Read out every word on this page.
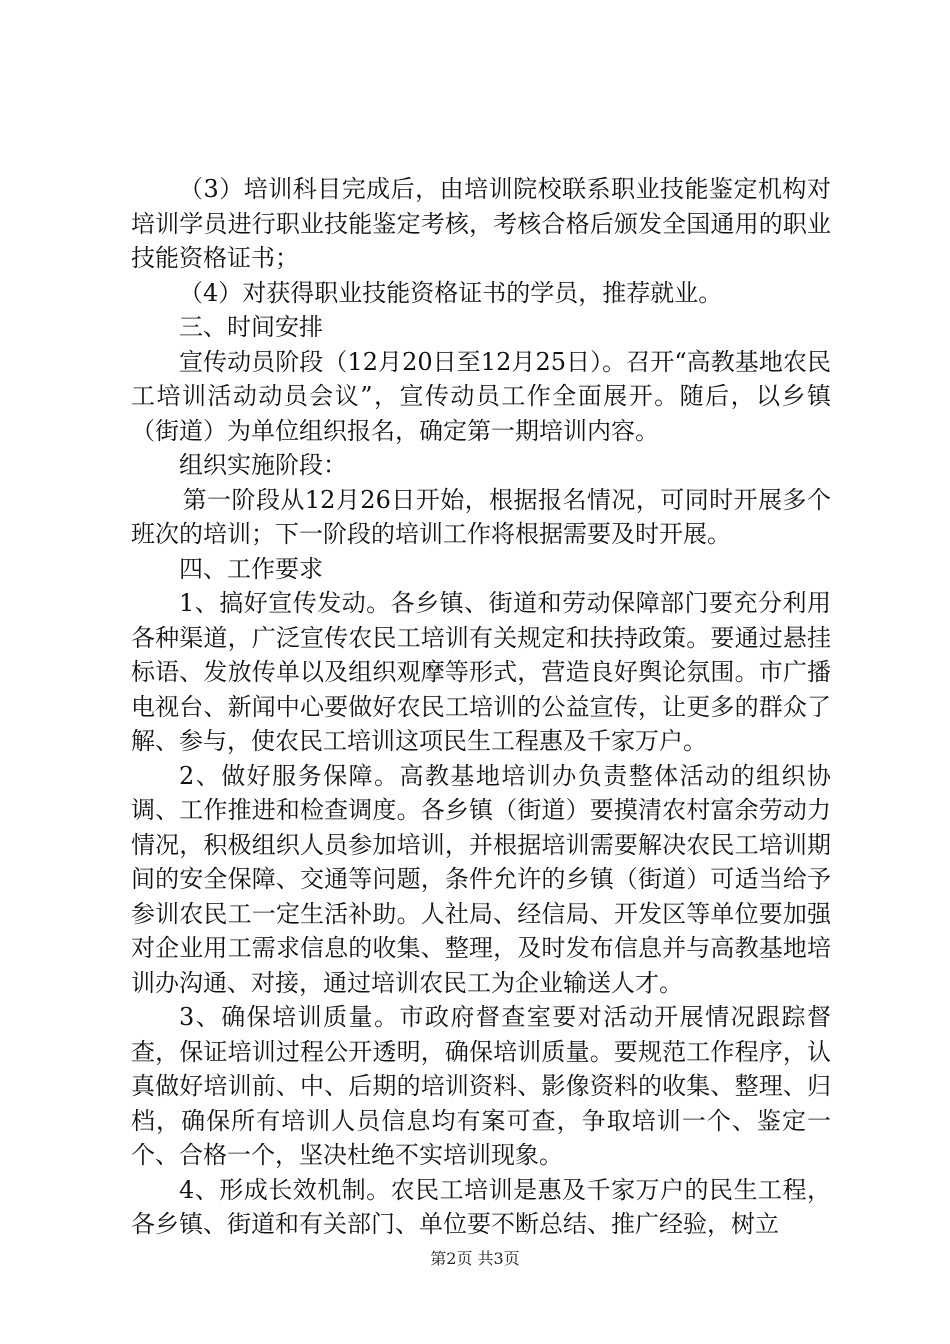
（3）培训科目完成后，由培训院校联系职业技能鉴定机构对培训学员进行职业技能鉴定考核，考核合格后颁发全国通用的职业技能资格证书；

（4）对获得职业技能资格证书的学员，推荐就业。

三、时间安排

宣传动员阶段（12月20日至12月25日）。召开“高教基地农民工培训活动动员会议”，宣传动员工作全面展开。随后，以乡镇（街道）为单位组织报名，确定第一期培训内容。

组织实施阶段：

第一阶段从12月26日开始，根据报名情况，可同时开展多个班次的培训；下一阶段的培训工作将根据需要及时开展。

四、工作要求

1、搞好宣传发动。各乡镇、街道和劳动保障部门要充分利用各种渠道，广泛宣传农民工培训有关规定和扶持政策。要通过悬挂标语、发放传单以及组织观摩等形式，营造良好舆论氛围。市广播电视台、新闻中心要做好农民工培训的公益宣传，让更多的群众了解、参与，使农民工培训这项民生工程惠及千家万户。

2、做好服务保障。高教基地培训办负责整体活动的组织协调、工作推进和检查调度。各乡镇（街道）要摸清农村富余劳动力情况，积极组织人员参加培训，并根据培训需要解决农民工培训期间的安全保障、交通等问题，条件允许的乡镇（街道）可适当给予参训农民工一定生活补助。人社局、经信局、开发区等单位要加强对企业用工需求信息的收集、整理，及时发布信息并与高教基地培训办沟通、对接，通过培训农民工为企业输送人才。

3、确保培训质量。市政府督查室要对活动开展情况跟踪督查，保证培训过程公开透明，确保培训质量。要规范工作程序，认真做好培训前、中、后期的培训资料、影像资料的收集、整理、归档，确保所有培训人员信息均有案可查，争取培训一个、鉴定一个、合格一个，坚决杜绝不实培训现象。

4、形成长效机制。农民工培训是惠及千家万户的民生工程，各乡镇、街道和有关部门、单位要不断总结、推广经验，树立

第2页 共3页
